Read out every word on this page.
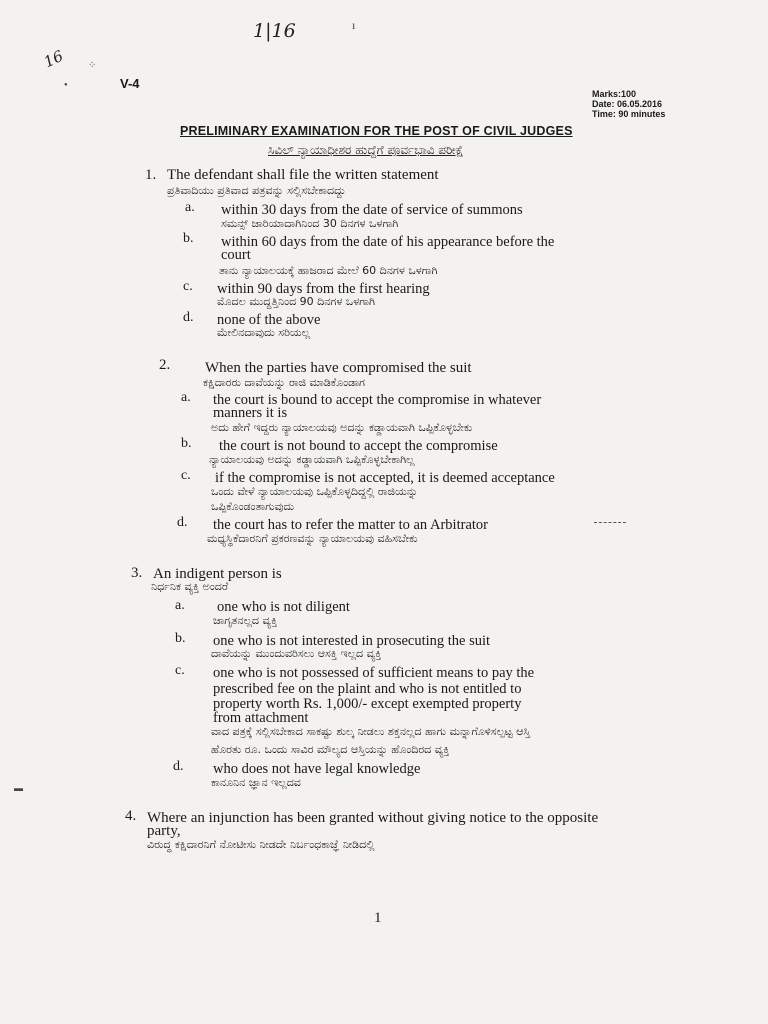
1|16
16 ⁘
●
ı
▬
V-4
Marks:100
Date: 06.05.2016
Time: 90 minutes
PRELIMINARY EXAMINATION FOR THE POST OF CIVIL JUDGES
ಸಿವಿಲ್ ನ್ಯಾಯಾಧೀಶರ ಹುದ್ದೆಗೆ ಪೂರ್ವಭಾವಿ ಪರೀಕ್ಷೆ
1. The defendant shall file the written statement
ಪ್ರತಿವಾದಿಯು ಪ್ರತಿವಾದ ಪತ್ರವನ್ನು ಸಲ್ಲಿಸಬೇಕಾದದ್ದು
a. within 30 days from the date of service of summons
ಸಮನ್ಸ್ ಜಾರಿಯಾದಾಗಿನಿಂದ 30 ದಿನಗಳ ಒಳಗಾಗಿ
b. within 60 days from the date of his appearance before the
court
ತಾನು ನ್ಯಾಯಾಲಯಕ್ಕೆ ಹಾಜರಾದ ಮೇಲೆ 60 ದಿನಗಳ ಒಳಗಾಗಿ
c. within 90 days from the first hearing
ಮೊದಲ ಮುದ್ದತ್ತಿನಿಂದ 90 ದಿನಗಳ ಒಳಗಾಗಿ
d. none of the above
ಮೇಲಿನದಾವುದು ಸರಿಯಲ್ಲ
2. When the parties have compromised the suit
ಕಕ್ಷಿದಾರರು ದಾವೆಯನ್ನು ರಾಜಿ ಮಾಡಿಕೊಂಡಾಗ
a. the court is bound to accept the compromise in whatever
manners it is
ಅದು ಹೇಗೆ ಇದ್ದರು ನ್ಯಾಯಾಲಯವು ಅದನ್ನು ಕಡ್ಡಾಯವಾಗಿ ಒಪ್ಪಿಕೊಳ್ಳಬೇಕು
b. the court is not bound to accept the compromise
ನ್ಯಾಯಾಲಯವು ಅದನ್ನು ಕಡ್ಡಾಯವಾಗಿ ಒಪ್ಪಿಕೊಳ್ಳಬೇಕಾಗಿಲ್ಲ
c. if the compromise is not accepted, it is deemed acceptance
ಒಂದು ವೇಳೆ ನ್ಯಾಯಾಲಯವು ಒಪ್ಪಿಕೊಳ್ಳದಿದ್ದಲ್ಲಿ ರಾಜಿಯನ್ನು
ಒಪ್ಪಿಕೊಂಡಂತಾಗುವುದು
d. the court has to refer the matter to an Arbitrator
ಮಧ್ಯಸ್ಥಿಕೆದಾರನಿಗೆ ಪ್ರಕರಣವನ್ನು ನ್ಯಾಯಾಲಯವು ವಹಿಸಬೇಕು
3. An indigent person is
ನಿರ್ಧನಿಕ ವ್ಯಕ್ತಿ ಅಂದರೆ
a. one who is not diligent
ಜಾಗೃತನಲ್ಲದ ವ್ಯಕ್ತಿ
b. one who is not interested in prosecuting the suit
ದಾವೆಯನ್ನು ಮುಂದುವರಿಸಲು ಆಸಕ್ತಿ ಇಲ್ಲದ ವ್ಯಕ್ತಿ
c. one who is not possessed of sufficient means to pay the
prescribed fee on the plaint and who is not entitled to
property worth Rs. 1,000/- except exempted property
from attachment
ವಾದ ಪತ್ರಕ್ಕೆ ಸಲ್ಲಿಸಬೇಕಾದ ಸಾಕಷ್ಟು ಶುಲ್ಕ ನೀಡಲು ಶಕ್ತನಲ್ಲದ ಹಾಗು ಮನ್ನಾಗೊಳಿಸಲ್ಪಟ್ಟ ಆಸ್ತಿ
ಹೊರತು ರೂ. ಒಂದು ಸಾವಿರ ಮೌಲ್ಯದ ಆಸ್ತಿಯನ್ನು ಹೊಂದಿರದ ವ್ಯಕ್ತಿ
d. who does not have legal knowledge
ಕಾನೂನಿನ ಜ್ಞಾನ ಇಲ್ಲದವ
4. Where an injunction has been granted without giving notice to the opposite
party,
ವಿರುದ್ಧ ಕಕ್ಷಿದಾರನಿಗೆ ನೋಟೀಸು ನೀಡದೇ ನಿರ್ಬಂಧಕಾಜ್ಞೆ ನೀಡಿದಲ್ಲಿ
1
